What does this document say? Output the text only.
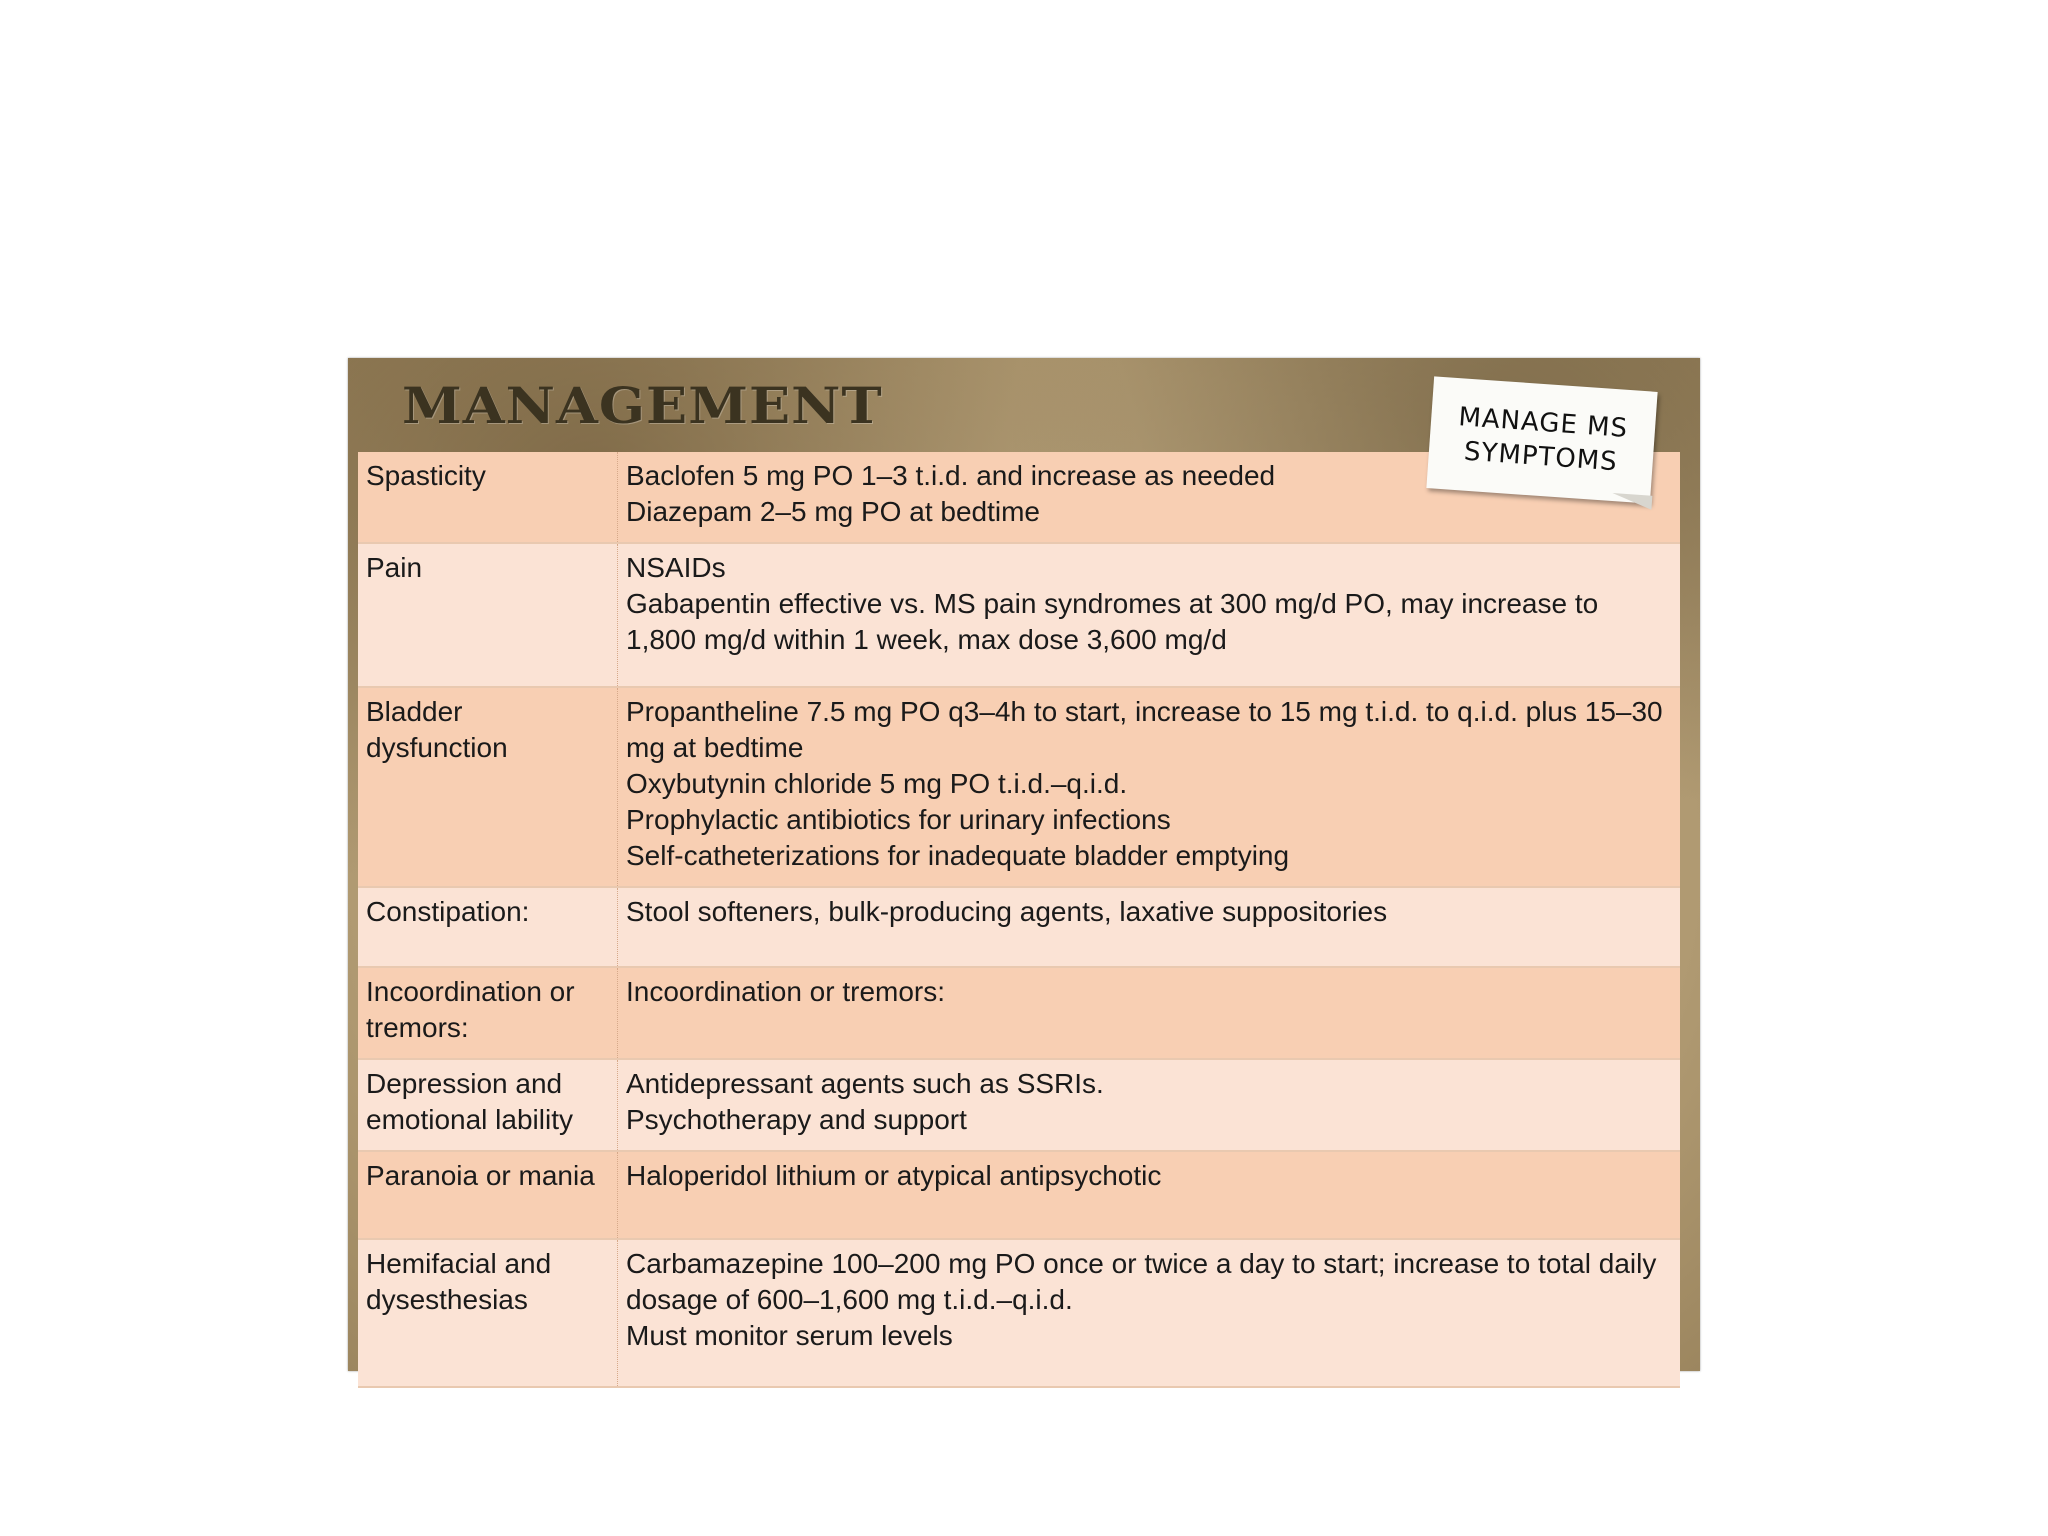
MANAGEMENT	MANAGE MS
SYMPTOMS
Spasticity	Baclofen 5 mg PO 1–3 t.i.d. and increase as needed
Diazepam 2–5 mg PO at bedtime

Pain	NSAIDs
Gabapentin effective vs. MS pain syndromes at 300 mg/d PO, may increase to 1,800 mg/d within 1 week, max dose 3,600 mg/d

Bladder dysfunction	Propantheline 7.5 mg PO q3–4h to start, increase to 15 mg t.i.d. to q.i.d. plus 15–30 mg at bedtime
Oxybutynin chloride 5 mg PO t.i.d.–q.i.d.
Prophylactic antibiotics for urinary infections
Self-catheterizations for inadequate bladder emptying

Constipation:	Stool softeners, bulk-producing agents, laxative suppositories

Incoordination or tremors:	Incoordination or tremors:

Depression and emotional lability	Antidepressant agents such as SSRIs.
Psychotherapy and support

Paranoia or mania	Haloperidol lithium or atypical antipsychotic

Hemifacial and dysesthesias	Carbamazepine 100–200 mg PO once or twice a day to start; increase to total daily dosage of 600–1,600 mg t.i.d.–q.i.d.
Must monitor serum levels
